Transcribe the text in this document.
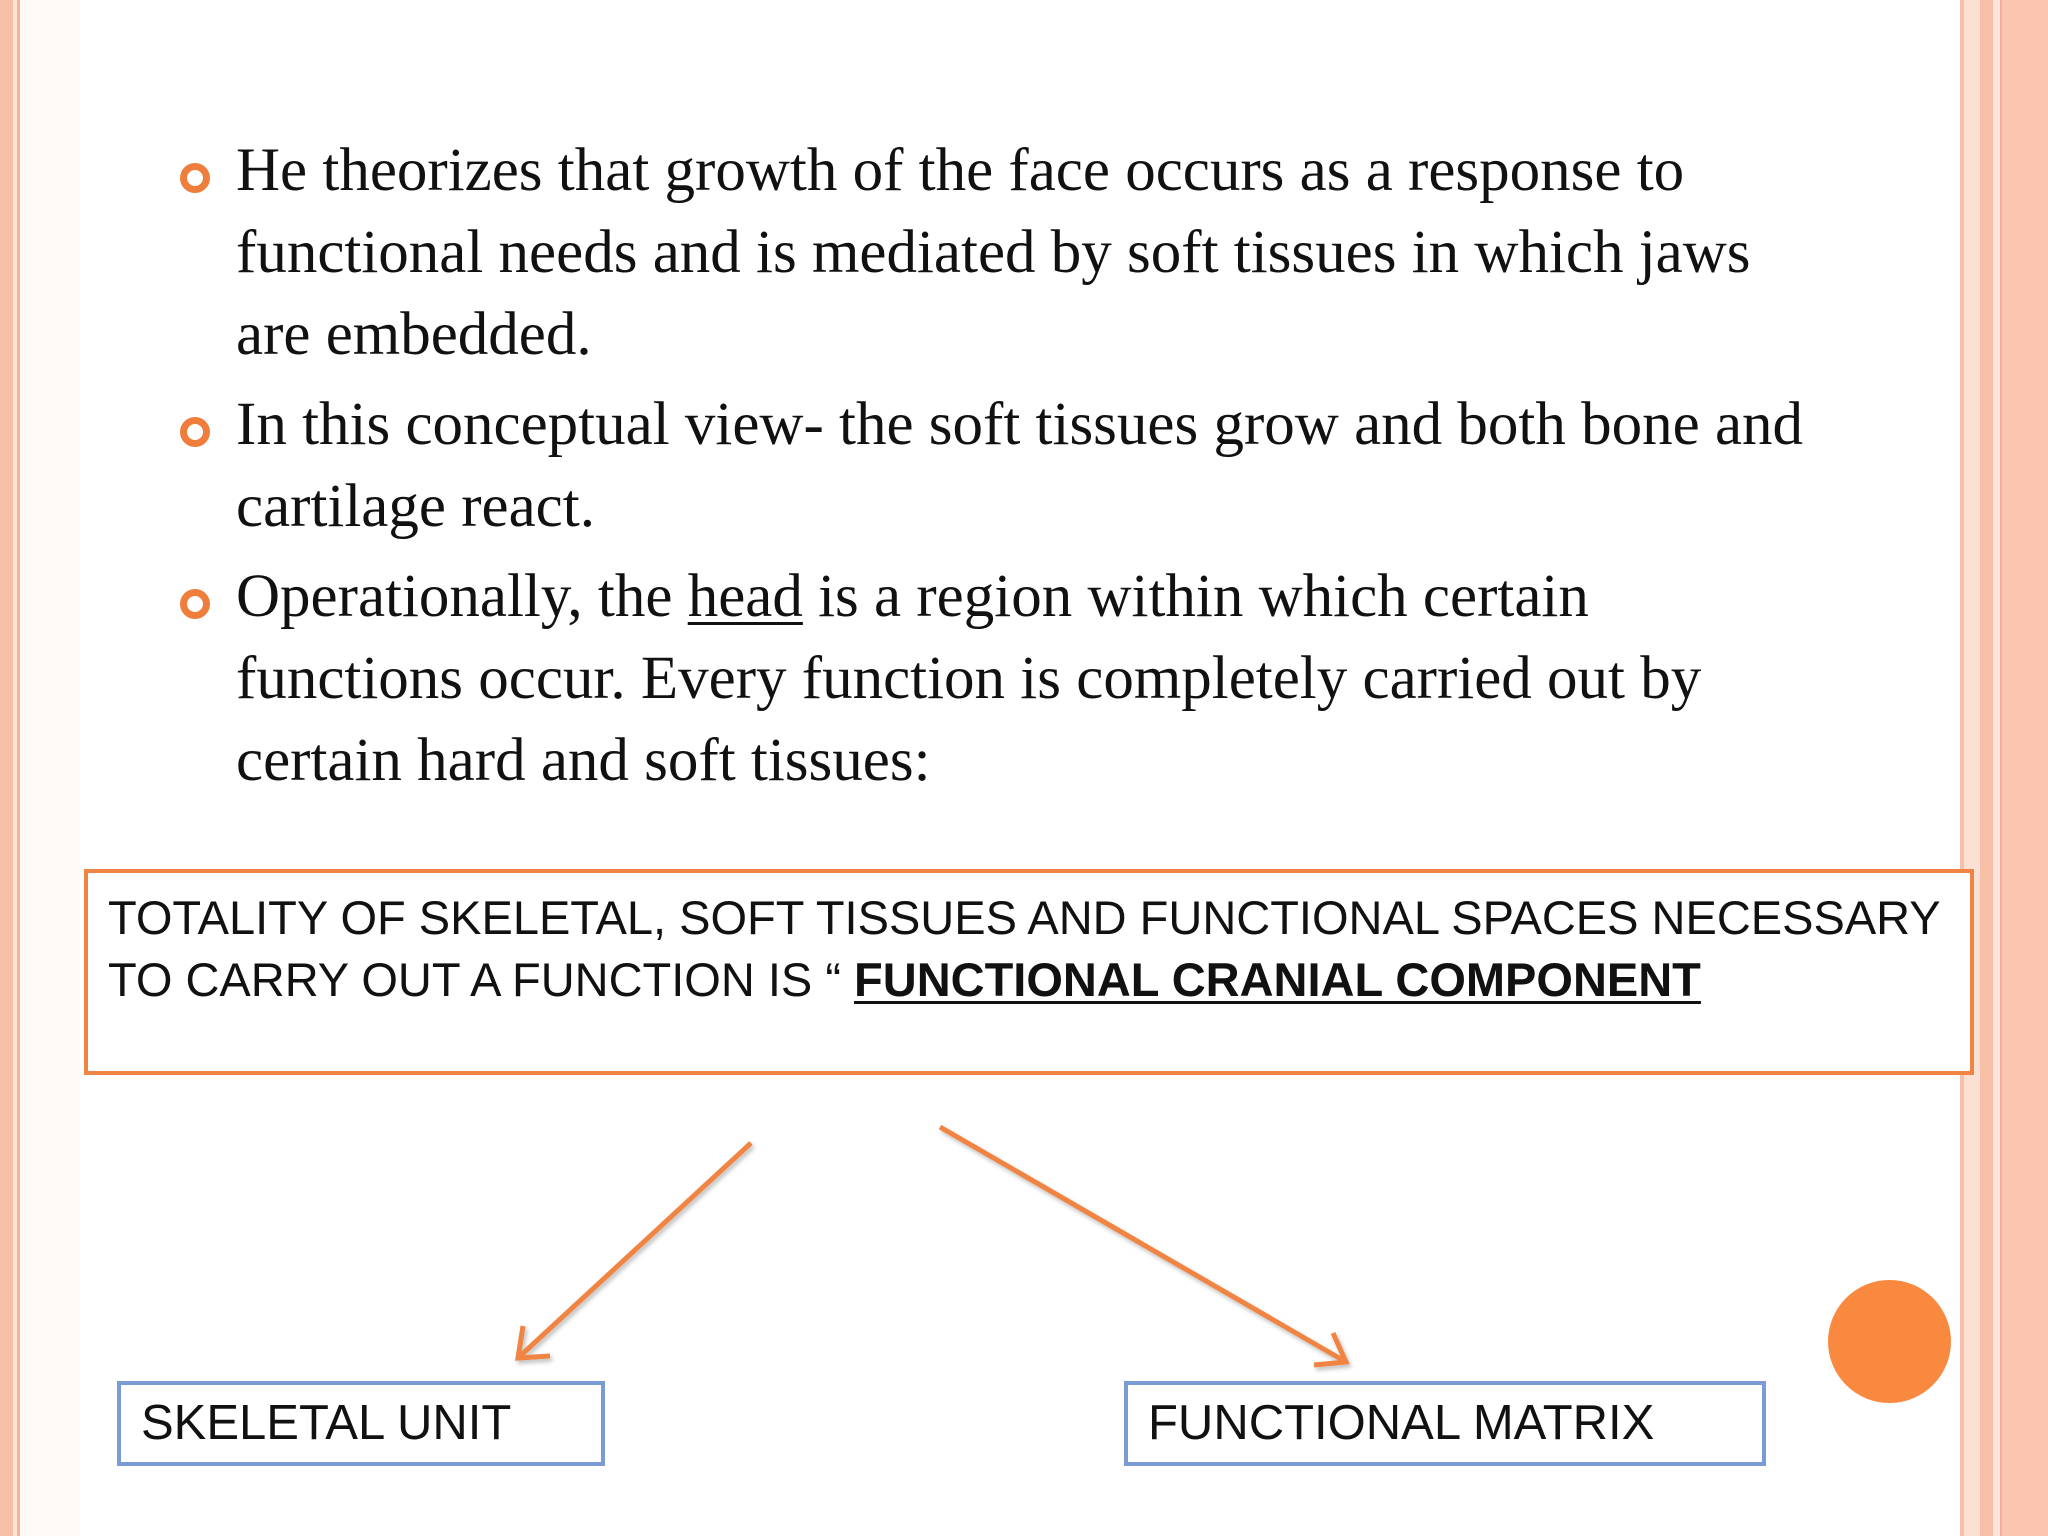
He theorizes that growth of the face occurs as a response to functional needs and is mediated by soft tissues in which jaws are embedded.
In this conceptual view- the soft tissues grow and both bone and cartilage react.
Operationally, the head is a region within which certain functions occur. Every function is completely carried out by certain hard and soft tissues:
TOTALITY OF SKELETAL, SOFT TISSUES AND FUNCTIONAL SPACES NECESSARY TO CARRY OUT A FUNCTION IS “ FUNCTIONAL CRANIAL COMPONENT
SKELETAL UNIT	FUNCTIONAL MATRIX
